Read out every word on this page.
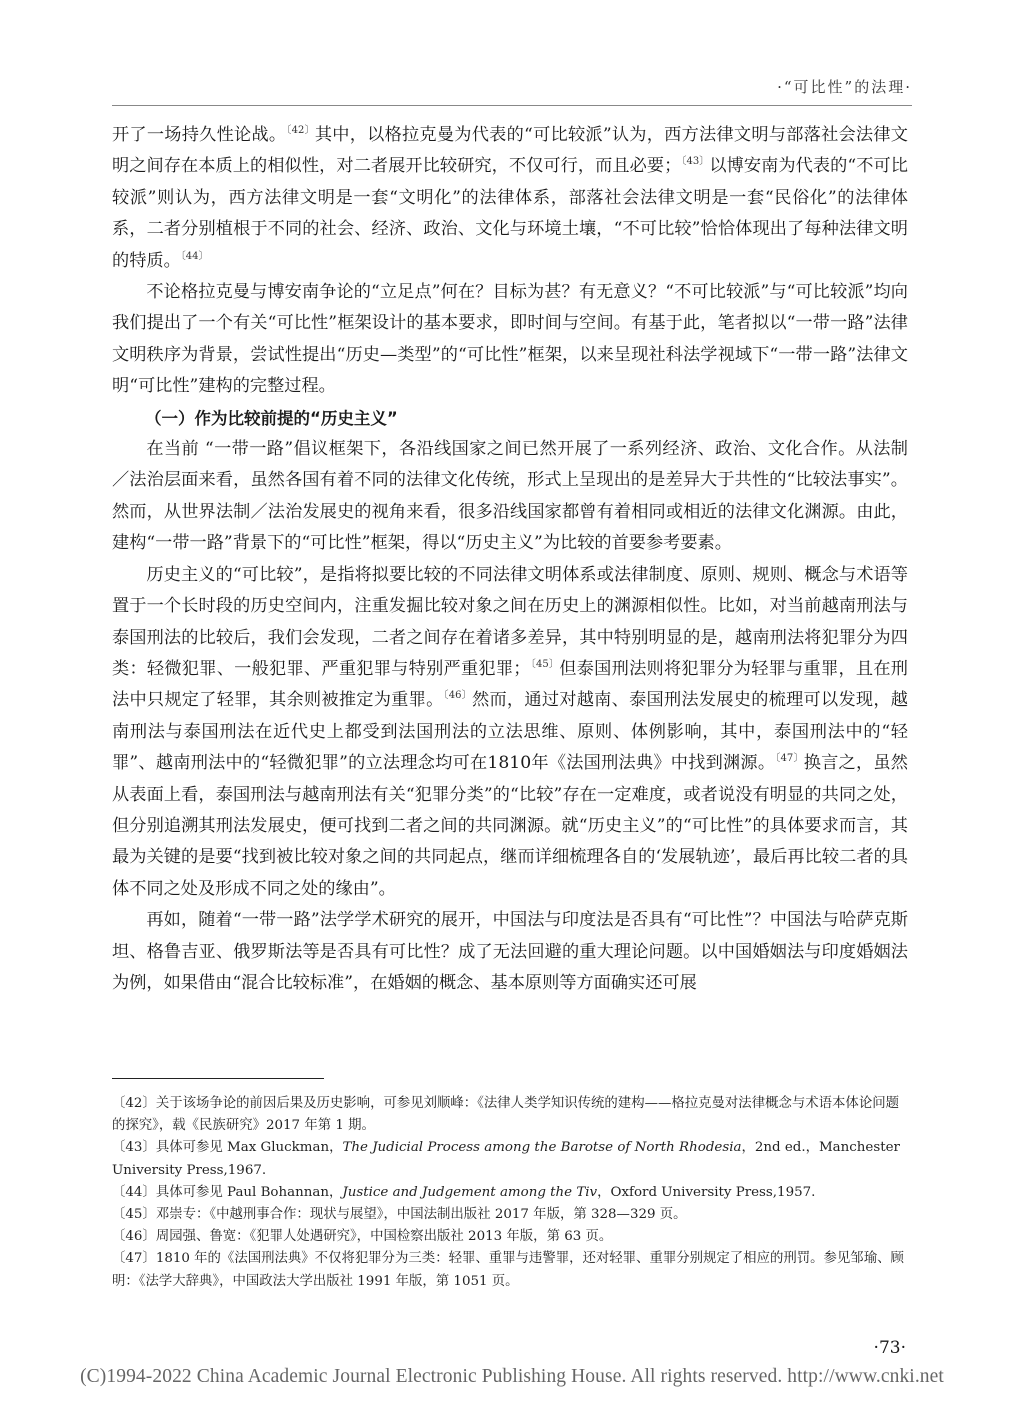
·“可比性”的法理·

开了一场持久性论战。$^{〔42〕}$其中，以格拉克曼为代表的“可比较派”认为，西方法律文明与部落社会法律文明之间存在本质上的相似性，对二者展开比较研究，不仅可行，而且必要；$^{〔43〕}$以博安南为代表的“不可比较派”则认为，西方法律文明是一套“文明化”的法律体系，部落社会法律文明是一套“民俗化”的法律体系，二者分别植根于不同的社会、经济、政治、文化与环境土壤，“不可比较”恰恰体现出了每种法律文明的特质。$^{〔44〕}$

不论格拉克曼与博安南争论的“立足点”何在？目标为甚？有无意义？“不可比较派”与“可比较派”均向我们提出了一个有关“可比性”框架设计的基本要求，即时间与空间。有基于此，笔者拟以“一带一路”法律文明秩序为背景，尝试性提出“历史—类型”的“可比性”框架，以来呈现社科法学视域下“一带一路”法律文明“可比性”建构的完整过程。

（一）作为比较前提的“历史主义”

在当前 “一带一路”倡议框架下，各沿线国家之间已然开展了一系列经济、政治、文化合作。从法制／法治层面来看，虽然各国有着不同的法律文化传统，形式上呈现出的是差异大于共性的“比较法事实”。然而，从世界法制／法治发展史的视角来看，很多沿线国家都曾有着相同或相近的法律文化渊源。由此，建构“一带一路”背景下的“可比性”框架，得以“历史主义”为比较的首要参考要素。

历史主义的“可比较”，是指将拟要比较的不同法律文明体系或法律制度、原则、规则、概念与术语等置于一个长时段的历史空间内，注重发掘比较对象之间在历史上的渊源相似性。比如，对当前越南刑法与泰国刑法的比较后，我们会发现，二者之间存在着诸多差异，其中特别明显的是，越南刑法将犯罪分为四类：轻微犯罪、一般犯罪、严重犯罪与特别严重犯罪；$^{〔45〕}$但泰国刑法则将犯罪分为轻罪与重罪，且在刑法中只规定了轻罪，其余则被推定为重罪。$^{〔46〕}$然而，通过对越南、泰国刑法发展史的梳理可以发现，越南刑法与泰国刑法在近代史上都受到法国刑法的立法思维、原则、体例影响，其中，泰国刑法中的“轻罪”、越南刑法中的“轻微犯罪”的立法理念均可在1810年《法国刑法典》中找到渊源。$^{〔47〕}$换言之，虽然从表面上看，泰国刑法与越南刑法有关“犯罪分类”的“比较”存在一定难度，或者说没有明显的共同之处，但分别追溯其刑法发展史，便可找到二者之间的共同渊源。就“历史主义”的“可比性”的具体要求而言，其最为关键的是要“找到被比较对象之间的共同起点，继而详细梳理各自的‘发展轨迹’，最后再比较二者的具体不同之处及形成不同之处的缘由”。

再如，随着“一带一路”法学学术研究的展开，中国法与印度法是否具有“可比性”？中国法与哈萨克斯坦、格鲁吉亚、俄罗斯法等是否具有可比性？成了无法回避的重大理论问题。以中国婚姻法与印度婚姻法为例，如果借由“混合比较标准”，在婚姻的概念、基本原则等方面确实还可展

〔42〕关于该场争论的前因后果及历史影响，可参见刘顺峰：《法律人类学知识传统的建构——格拉克曼对法律概念与术语本体论问题的探究》，载《民族研究》2017 年第 1 期。

〔43〕具体可参见 Max Gluckman，The Judicial Process among the Barotse of North Rhodesia，2nd ed.，Manchester University Press,1967.

〔44〕具体可参见 Paul Bohannan，Justice and Judgement among the Tiv，Oxford University Press,1957.

〔45〕邓崇专：《中越刑事合作：现状与展望》，中国法制出版社 2017 年版，第 328—329 页。

〔46〕周园强、鲁宽：《犯罪人处遇研究》，中国检察出版社 2013 年版，第 63 页。

〔47〕1810 年的《法国刑法典》不仅将犯罪分为三类：轻罪、重罪与违警罪，还对轻罪、重罪分别规定了相应的刑罚。参见邹瑜、顾明：《法学大辞典》，中国政法大学出版社 1991 年版，第 1051 页。

·73·
(C)1994-2022 China Academic Journal Electronic Publishing House. All rights reserved. http://www.cnki.net
